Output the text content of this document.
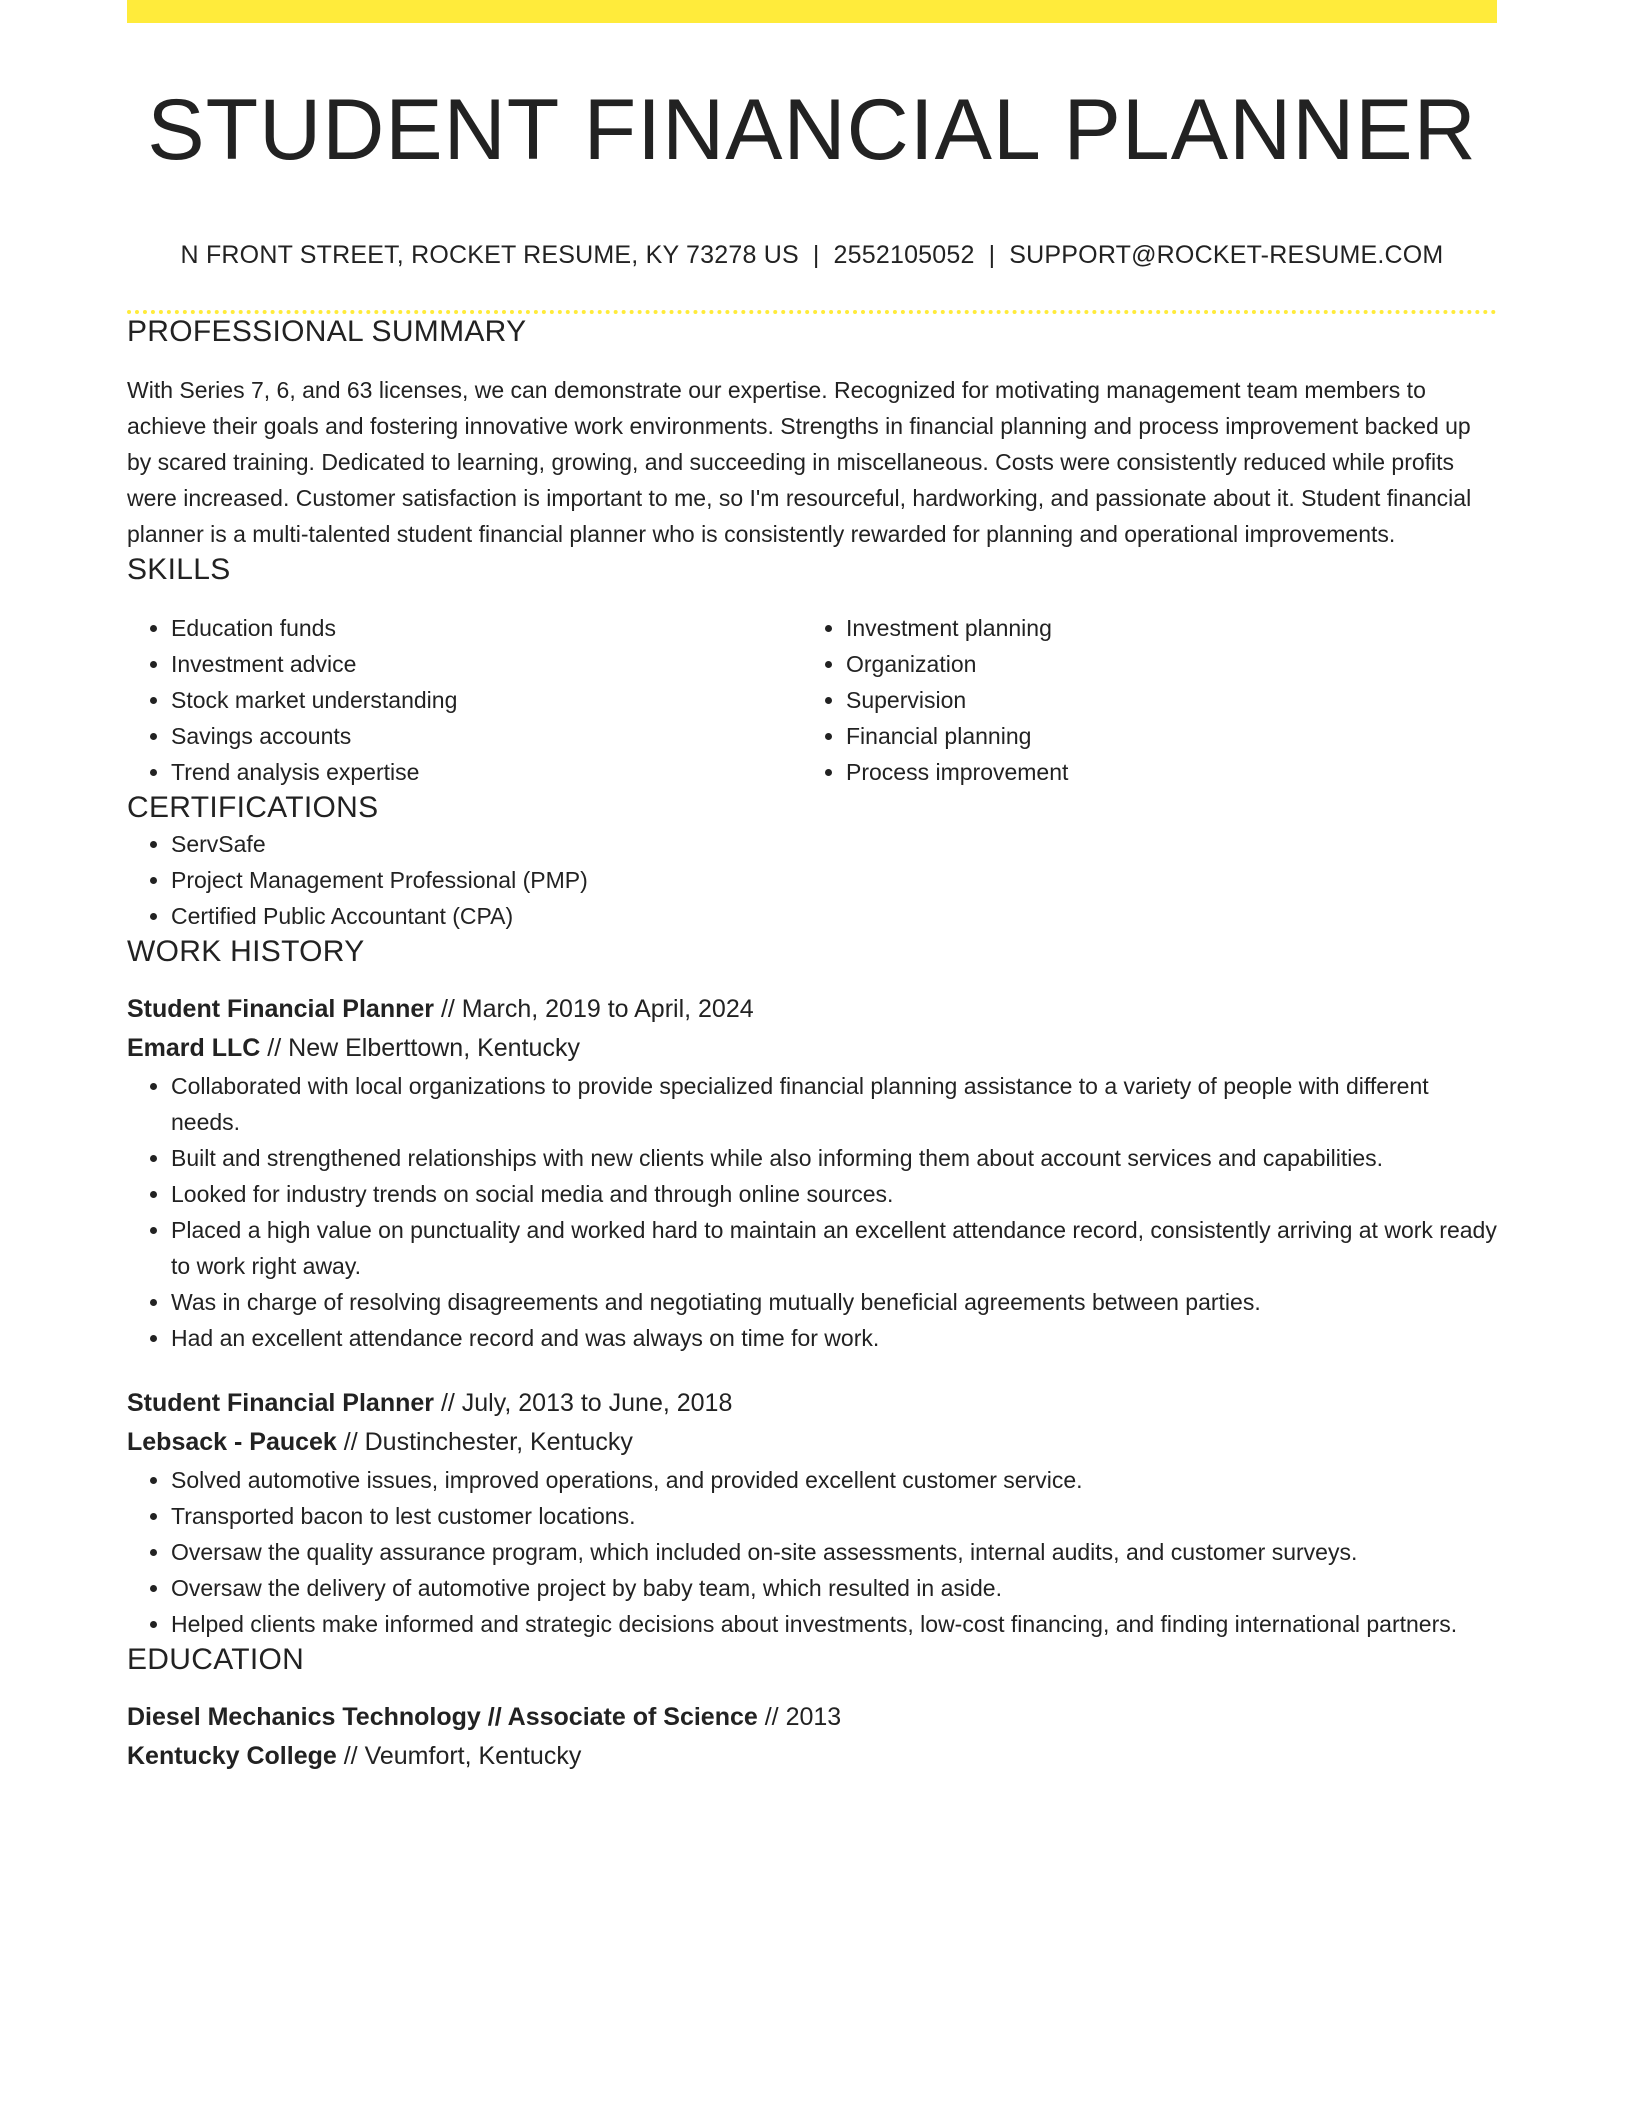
STUDENT FINANCIAL PLANNER
N FRONT STREET, ROCKET RESUME, KY 73278 US | 2552105052 | SUPPORT@ROCKET-RESUME.COM
PROFESSIONAL SUMMARY

With Series 7, 6, and 63 licenses, we can demonstrate our expertise. Recognized for motivating management team members to achieve their goals and fostering innovative work environments. Strengths in financial planning and process improvement backed up by scared training. Dedicated to learning, growing, and succeeding in miscellaneous. Costs were consistently reduced while profits were increased. Customer satisfaction is important to me, so I'm resourceful, hardworking, and passionate about it. Student financial planner is a multi-talented student financial planner who is consistently rewarded for planning and operational improvements.

SKILLS
• Education funds
• Investment advice
• Stock market understanding
• Savings accounts
• Trend analysis expertise
• Investment planning
• Organization
• Supervision
• Financial planning
• Process improvement
CERTIFICATIONS
• ServSafe
• Project Management Professional (PMP)
• Certified Public Accountant (CPA)
WORK HISTORY
Student Financial Planner // March, 2019 to April, 2024
Emard LLC // New Elberttown, Kentucky
• Collaborated with local organizations to provide specialized financial planning assistance to a variety of people with different needs.
• Built and strengthened relationships with new clients while also informing them about account services and capabilities.
• Looked for industry trends on social media and through online sources.
• Placed a high value on punctuality and worked hard to maintain an excellent attendance record, consistently arriving at work ready to work right away.
• Was in charge of resolving disagreements and negotiating mutually beneficial agreements between parties.
• Had an excellent attendance record and was always on time for work.
Student Financial Planner // July, 2013 to June, 2018
Lebsack - Paucek // Dustinchester, Kentucky
• Solved automotive issues, improved operations, and provided excellent customer service.
• Transported bacon to lest customer locations.
• Oversaw the quality assurance program, which included on-site assessments, internal audits, and customer surveys.
• Oversaw the delivery of automotive project by baby team, which resulted in aside.
• Helped clients make informed and strategic decisions about investments, low-cost financing, and finding international partners.
EDUCATION
Diesel Mechanics Technology // Associate of Science // 2013
Kentucky College // Veumfort, Kentucky
